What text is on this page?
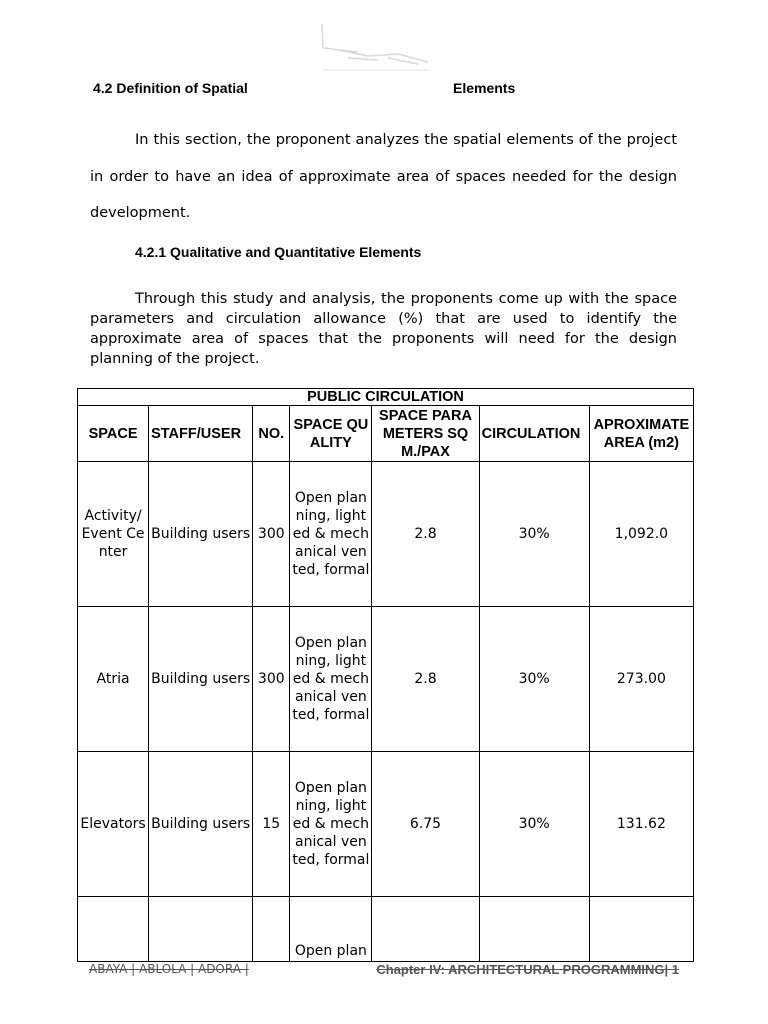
4.2 Definition of Spatial	Elements

In this section, the proponent analyzes the spatial elements of the project in order to have an idea of approximate area of spaces needed for the design development.

4.2.1 Qualitative and Quantitative Elements

Through this study and analysis, the proponents come up with the space parameters and circulation allowance (%) that are used to identify the approximate area of spaces that the proponents will need for the design planning of the project.

PUBLIC CIRCULATION						
SPACE	STAFF/USER	NO.	SPACE QUALITY	SPACE PARAMETERS SQM./PAX	CIRCULATION	APROXIMATE AREA (m2)
Activity/ Event Center	Building users	300	Open planning, lighted & mechanical vented, formal	2.8	30%	1,092.0
Atria	Building users	300	Open planning, lighted & mechanical vented, formal	2.8	30%	273.00
Elevators	Building users	15	Open planning, lighted & mechanical vented, formal	6.75	30%	131.62
			Open plan			
ABAYA | ABLOLA | ADORA |	Chapter IV: ARCHITECTURAL PROGRAMMING| 1
